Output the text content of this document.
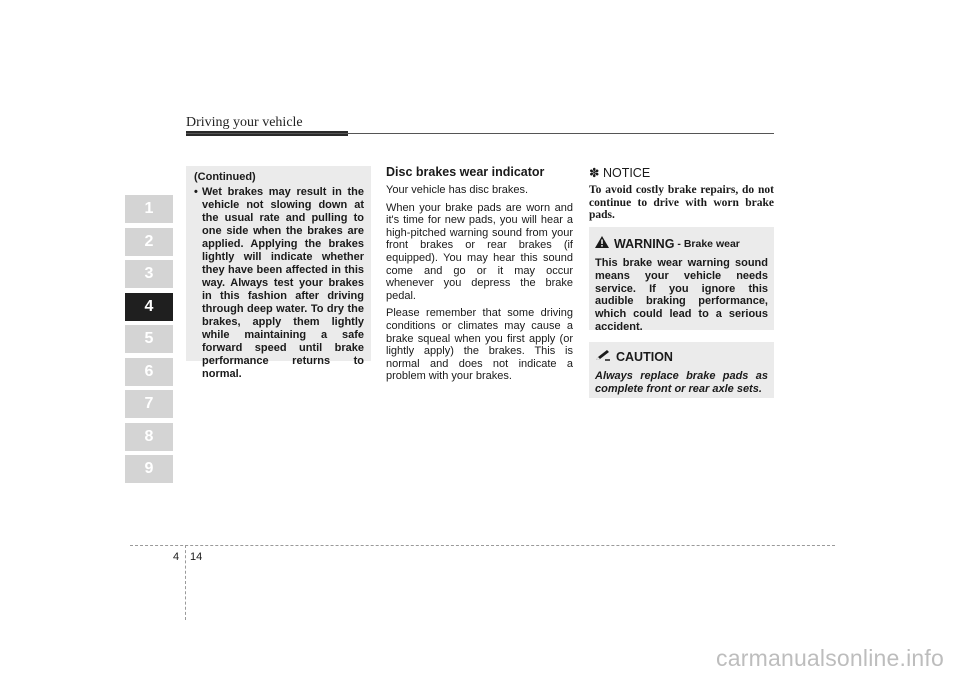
Driving your vehicle
1
2
3
4
5
6
7
8
9
(Continued)
• Wet brakes may result in the vehicle not slowing down at the usual rate and pulling to one side when the brakes are applied. Applying the brakes lightly will indicate whether they have been affected in this way. Always test your brakes in this fashion after driving through deep water. To dry the brakes, apply them lightly while maintaining a safe forward speed until brake performance returns to normal.
Disc brakes wear indicator
Your vehicle has disc brakes.
When your brake pads are worn and it's time for new pads, you will hear a high-pitched warning sound from your front brakes or rear brakes (if equipped). You may hear this sound come and go or it may occur whenever you depress the brake pedal.
Please remember that some driving conditions or climates may cause a brake squeal when you first apply (or lightly apply) the brakes. This is normal and does not indicate a problem with your brakes.
✽ NOTICE
To avoid costly brake repairs, do not continue to drive with worn brake pads.
WARNING - Brake wear
This brake wear warning sound means your vehicle needs service. If you ignore this audible braking performance, which could lead to a serious accident.
CAUTION
Always replace brake pads as complete front or rear axle sets.
4 14
carmanualsonline.info
